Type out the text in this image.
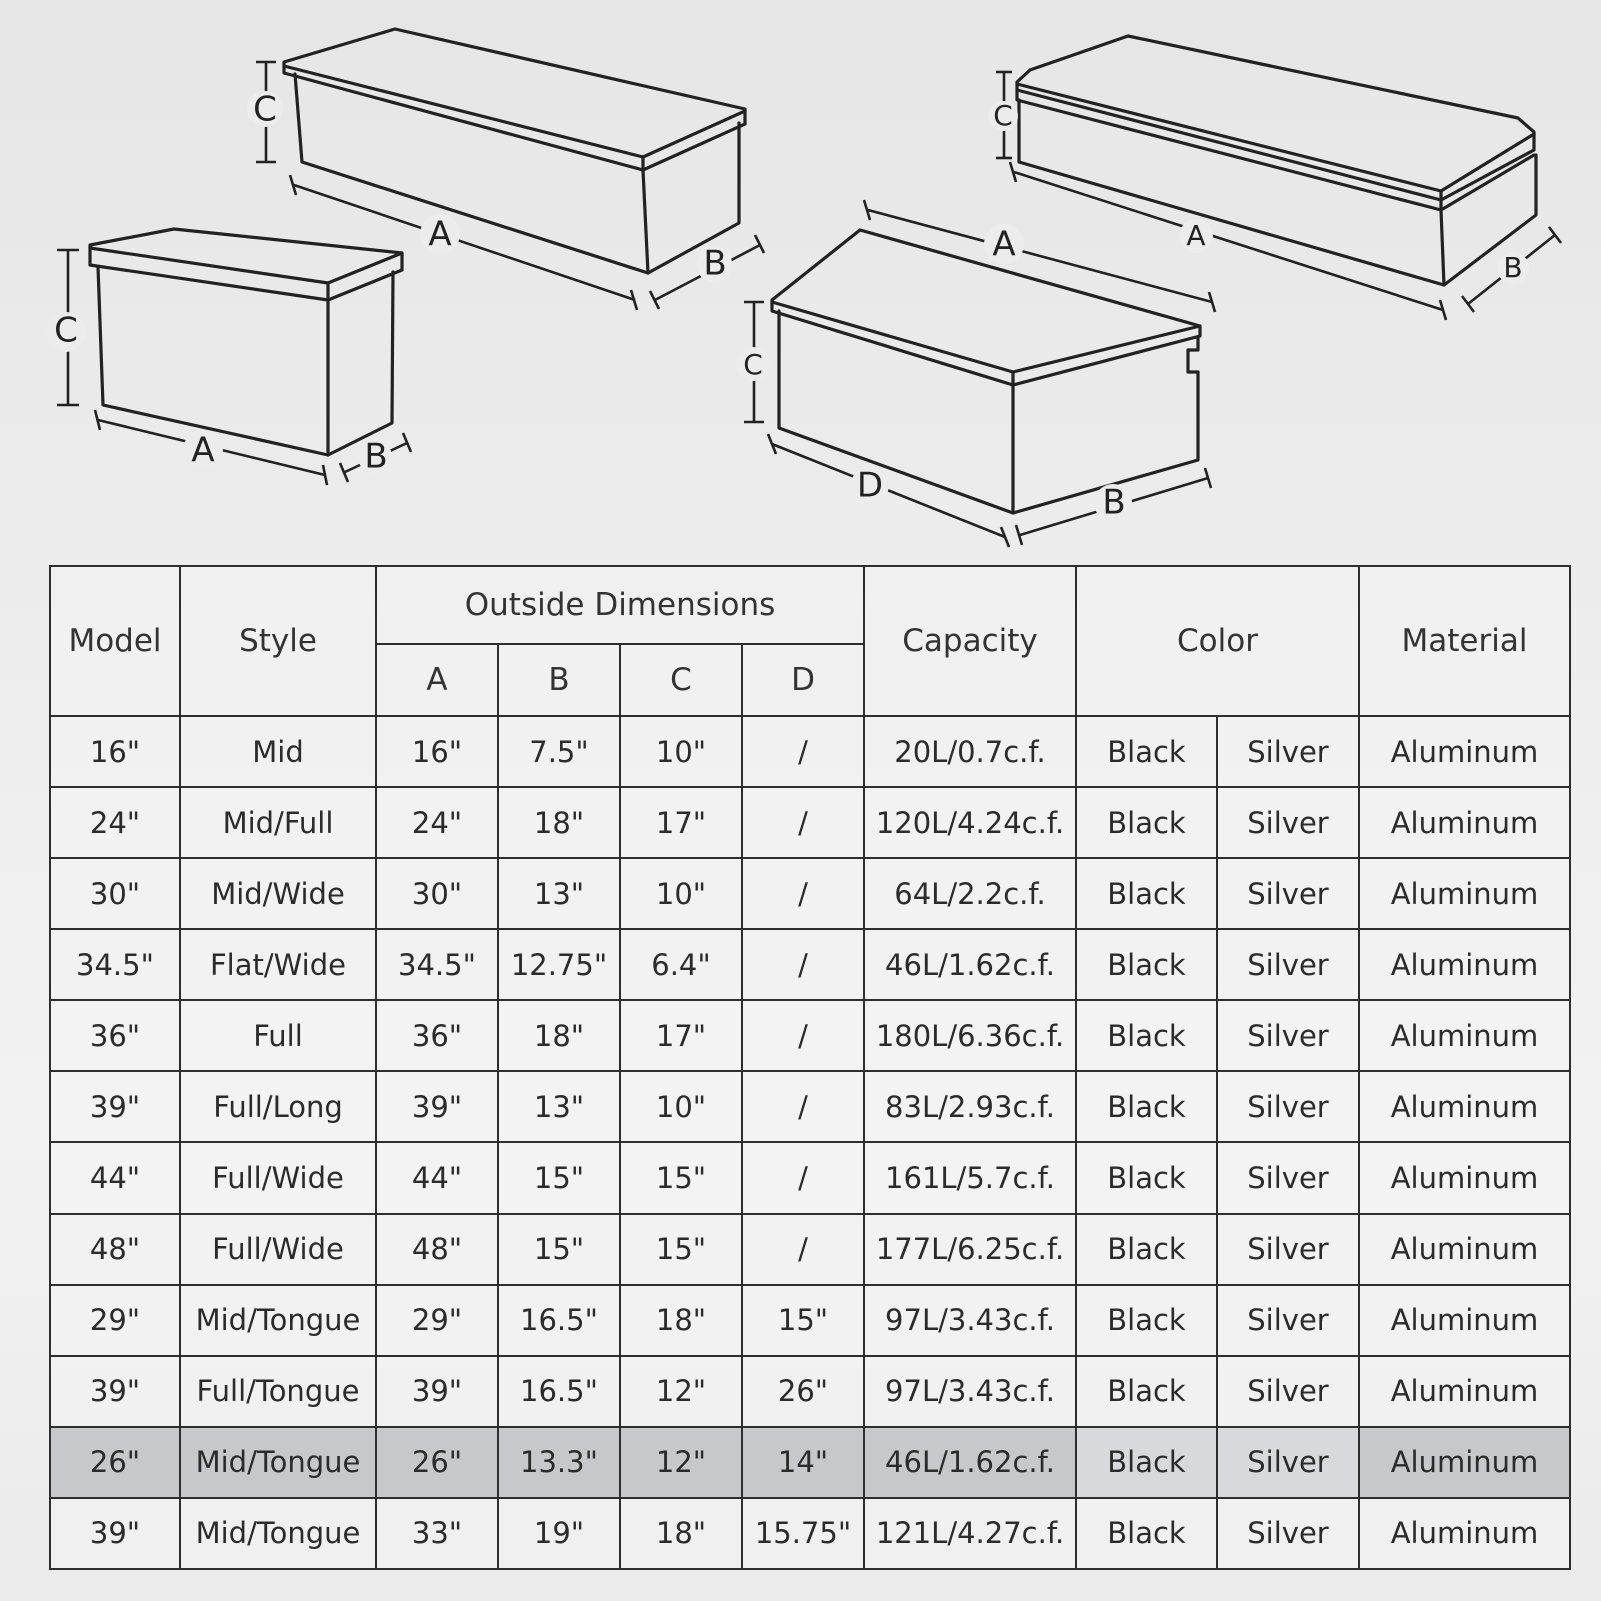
C
A	B
C
A
B	A
C
D	B
C
A
B
Model	Style	Outside Dimensions				Capacity	Color		Material
		A	B	C	D				
16"	Mid	16"	7.5"	10"	/	20L/0.7c.f.	Black	Silver	Aluminum
24"	Mid/Full	24"	18"	17"	/	120L/4.24c.f.	Black	Silver	Aluminum
30"	Mid/Wide	30"	13"	10"	/	64L/2.2c.f.	Black	Silver	Aluminum
34.5"	Flat/Wide	34.5"	12.75"	6.4"	/	46L/1.62c.f.	Black	Silver	Aluminum
36"	Full	36"	18"	17"	/	180L/6.36c.f.	Black	Silver	Aluminum
39"	Full/Long	39"	13"	10"	/	83L/2.93c.f.	Black	Silver	Aluminum
44"	Full/Wide	44"	15"	15"	/	161L/5.7c.f.	Black	Silver	Aluminum
48"	Full/Wide	48"	15"	15"	/	177L/6.25c.f.	Black	Silver	Aluminum
29"	Mid/Tongue	29"	16.5"	18"	15"	97L/3.43c.f.	Black	Silver	Aluminum
39"	Full/Tongue	39"	16.5"	12"	26"	97L/3.43c.f.	Black	Silver	Aluminum
26"	Mid/Tongue	26"	13.3"	12"	14"	46L/1.62c.f.	Black	Silver	Aluminum
39"	Mid/Tongue	33"	19"	18"	15.75"	121L/4.27c.f.	Black	Silver	Aluminum
